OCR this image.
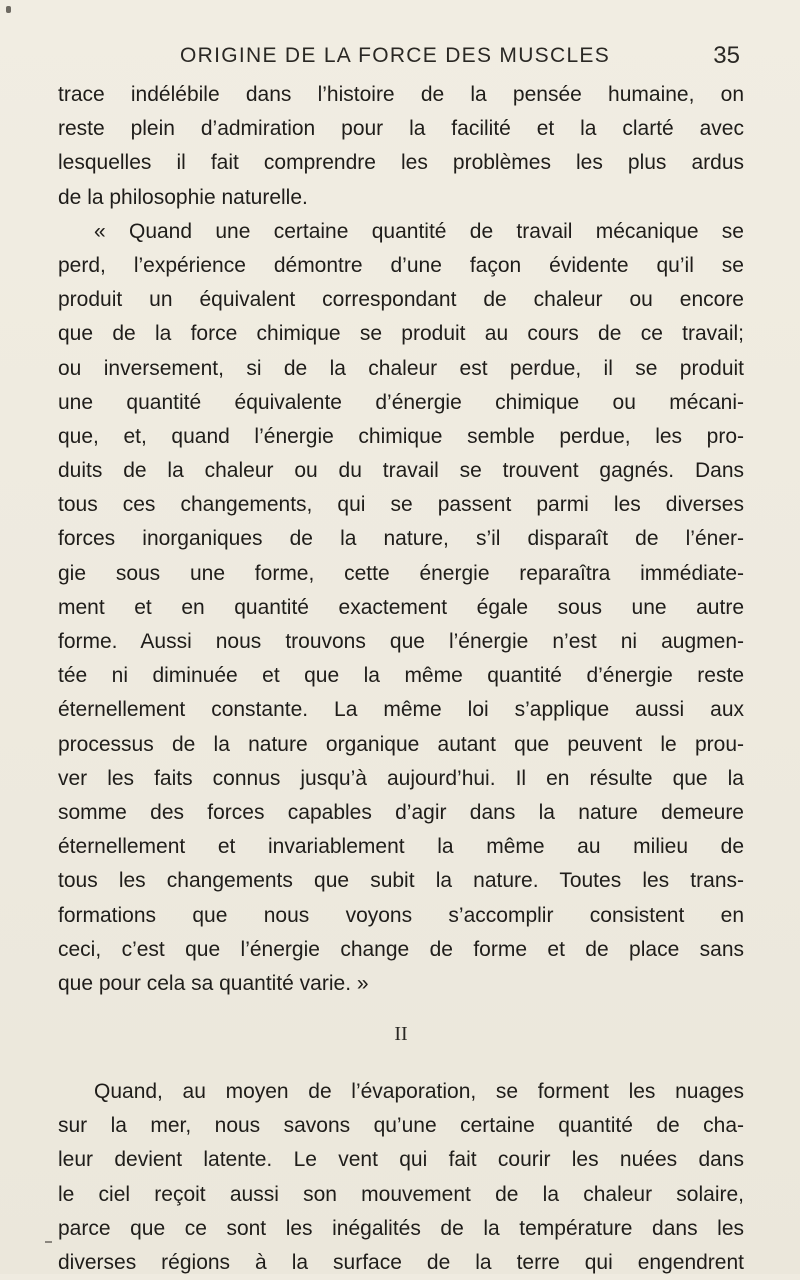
ORIGINE DE LA FORCE DES MUSCLES	35
trace indélébile dans l’histoire de la pensée humaine, on
reste plein d’admiration pour la facilité et la clarté avec
lesquelles il fait comprendre les problèmes les plus ardus
de la philosophie naturelle.
« Quand une certaine quantité de travail mécanique se
perd, l’expérience démontre d’une façon évidente qu’il se
produit un équivalent correspondant de chaleur ou encore
que de la force chimique se produit au cours de ce travail;
ou inversement, si de la chaleur est perdue, il se produit
une quantité équivalente d’énergie chimique ou mécani-
que, et, quand l’énergie chimique semble perdue, les pro-
duits de la chaleur ou du travail se trouvent gagnés. Dans
tous ces changements, qui se passent parmi les diverses
forces inorganiques de la nature, s’il disparaît de l’éner-
gie sous une forme, cette énergie reparaîtra immédiate-
ment et en quantité exactement égale sous une autre
forme. Aussi nous trouvons que l’énergie n’est ni augmen-
tée ni diminuée et que la même quantité d’énergie reste
éternellement constante. La même loi s’applique aussi aux
processus de la nature organique autant que peuvent le prou-
ver les faits connus jusqu’à aujourd’hui. Il en résulte que la
somme des forces capables d’agir dans la nature demeure
éternellement et invariablement la même au milieu de
tous les changements que subit la nature. Toutes les trans-
formations que nous voyons s’accomplir consistent en
ceci, c’est que l’énergie change de forme et de place sans
que pour cela sa quantité varie. »
II
Quand, au moyen de l’évaporation, se forment les nuages
sur la mer, nous savons qu’une certaine quantité de cha-
leur devient latente. Le vent qui fait courir les nuées dans
le ciel reçoit aussi son mouvement de la chaleur solaire,
parce que ce sont les inégalités de la température dans les
diverses régions à la surface de la terre qui engendrent
